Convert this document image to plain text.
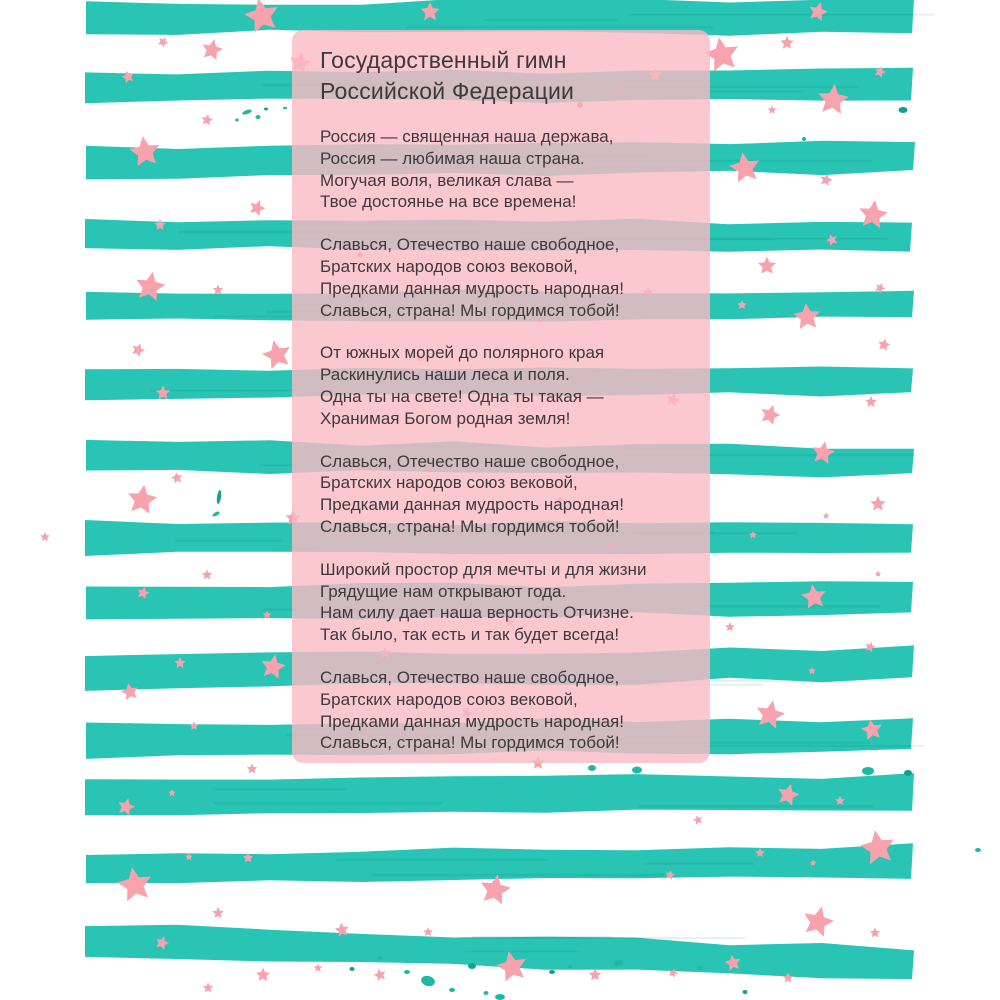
Государственный гимн
Российской Федерации
Россия — священная наша держава,
Россия — любимая наша страна.
Могучая воля, великая слава —
Твое достоянье на все времена!
Славься, Отечество наше свободное,
Братских народов союз вековой,
Предками данная мудрость народная!
Славься, страна! Мы гордимся тобой!
От южных морей до полярного края
Раскинулись наши леса и поля.
Одна ты на свете! Одна ты такая —
Хранимая Богом родная земля!
Славься, Отечество наше свободное,
Братских народов союз вековой,
Предками данная мудрость народная!
Славься, страна! Мы гордимся тобой!
Широкий простор для мечты и для жизни
Грядущие нам открывают года.
Нам силу дает наша верность Отчизне.
Так было, так есть и так будет всегда!
Славься, Отечество наше свободное,
Братских народов союз вековой,
Предками данная мудрость народная!
Славься, страна! Мы гордимся тобой!
